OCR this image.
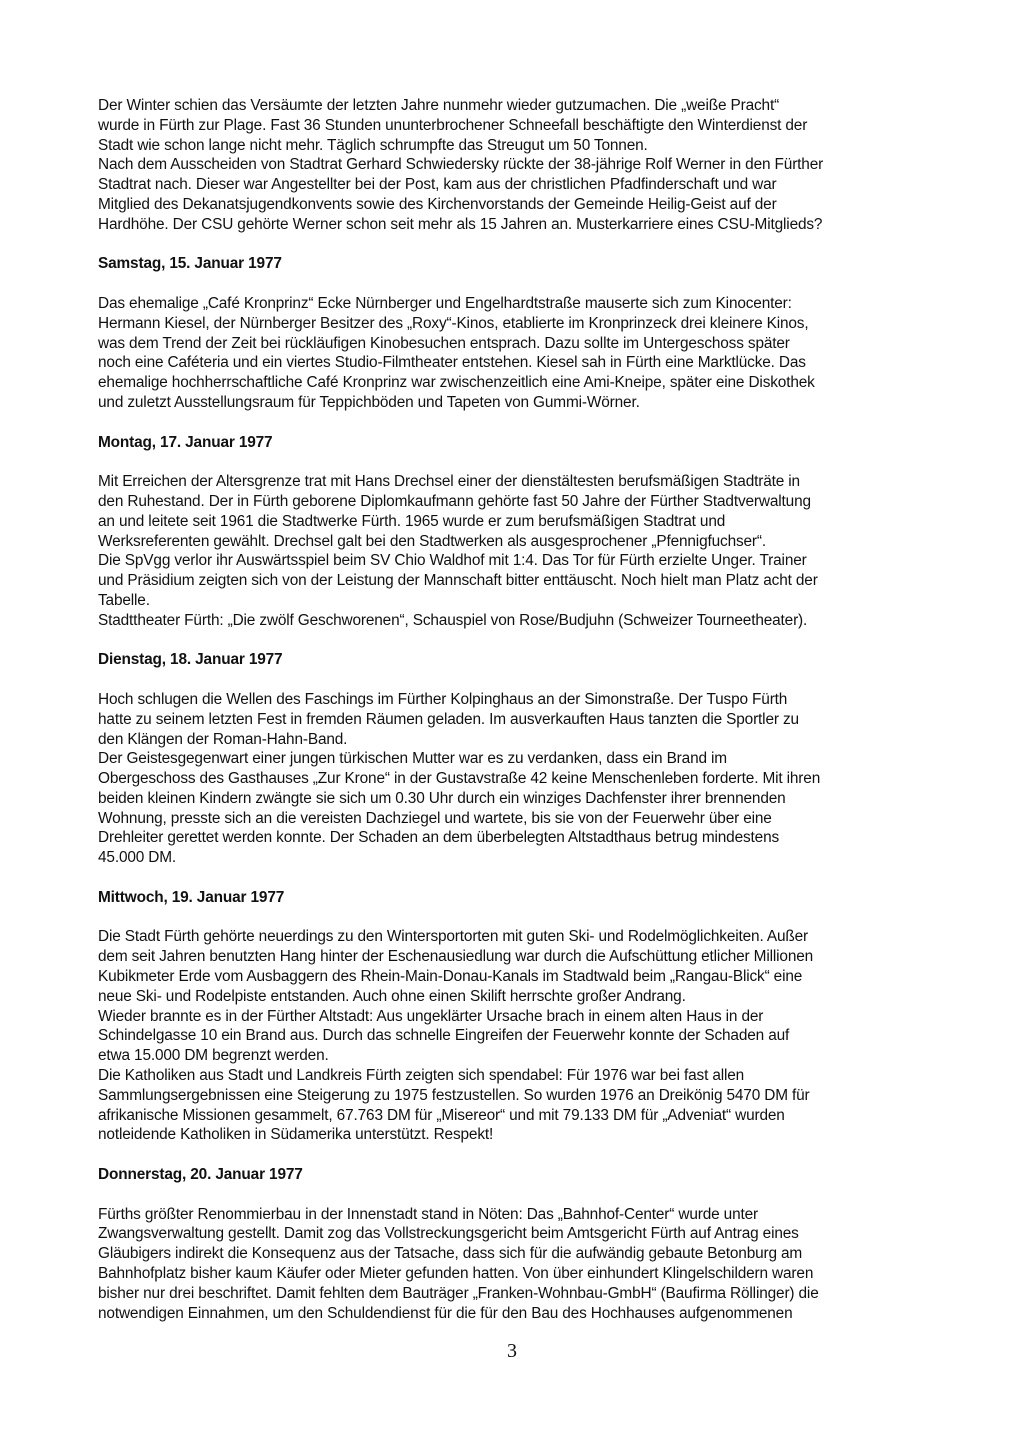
Der Winter schien das Versäumte der letzten Jahre nunmehr wieder gutzumachen. Die „weiße Pracht“
wurde in Fürth zur Plage. Fast 36 Stunden ununterbrochener Schneefall beschäftigte den Winterdienst der
Stadt wie schon lange nicht mehr. Täglich schrumpfte das Streugut um 50 Tonnen.
Nach dem Ausscheiden von Stadtrat Gerhard Schwiedersky rückte der 38-jährige Rolf Werner in den Fürther
Stadtrat nach. Dieser war Angestellter bei der Post, kam aus der christlichen Pfadfinderschaft und war
Mitglied des Dekanatsjugendkonvents sowie des Kirchenvorstands der Gemeinde Heilig-Geist auf der
Hardhöhe. Der CSU gehörte Werner schon seit mehr als 15 Jahren an. Musterkarriere eines CSU-Mitglieds?
Samstag, 15. Januar 1977
Das ehemalige „Café Kronprinz“ Ecke Nürnberger und Engelhardtstraße mauserte sich zum Kinocenter:
Hermann Kiesel, der Nürnberger Besitzer des „Roxy“-Kinos, etablierte im Kronprinzeck drei kleinere Kinos,
was dem Trend der Zeit bei rückläufigen Kinobesuchen entsprach. Dazu sollte im Untergeschoss später
noch eine Caféteria und ein viertes Studio-Filmtheater entstehen. Kiesel sah in Fürth eine Marktlücke. Das
ehemalige hochherrschaftliche Café Kronprinz war zwischenzeitlich eine Ami-Kneipe, später eine Diskothek
und zuletzt Ausstellungsraum für Teppichböden und Tapeten von Gummi-Wörner.
Montag, 17. Januar 1977
Mit Erreichen der Altersgrenze trat mit Hans Drechsel einer der dienstältesten berufsmäßigen Stadträte in
den Ruhestand. Der in Fürth geborene Diplomkaufmann gehörte fast 50 Jahre der Fürther Stadtverwaltung
an und leitete seit 1961 die Stadtwerke Fürth. 1965 wurde er zum berufsmäßigen Stadtrat und
Werksreferenten gewählt. Drechsel galt bei den Stadtwerken als ausgesprochener „Pfennigfuchser“.
Die SpVgg verlor ihr Auswärtsspiel beim SV Chio Waldhof mit 1:4. Das Tor für Fürth erzielte Unger. Trainer
und Präsidium zeigten sich von der Leistung der Mannschaft bitter enttäuscht. Noch hielt man Platz acht der
Tabelle.
Stadttheater Fürth: „Die zwölf Geschworenen“, Schauspiel von Rose/Budjuhn (Schweizer Tourneetheater).
Dienstag, 18. Januar 1977
Hoch schlugen die Wellen des Faschings im Fürther Kolpinghaus an der Simonstraße. Der Tuspo Fürth
hatte zu seinem letzten Fest in fremden Räumen geladen. Im ausverkauften Haus tanzten die Sportler zu
den Klängen der Roman-Hahn-Band.
Der Geistesgegenwart einer jungen türkischen Mutter war es zu verdanken, dass ein Brand im
Obergeschoss des Gasthauses „Zur Krone“ in der Gustavstraße 42 keine Menschenleben forderte. Mit ihren
beiden kleinen Kindern zwängte sie sich um 0.30 Uhr durch ein winziges Dachfenster ihrer brennenden
Wohnung, presste sich an die vereisten Dachziegel und wartete, bis sie von der Feuerwehr über eine
Drehleiter gerettet werden konnte. Der Schaden an dem überbelegten Altstadthaus betrug mindestens
45.000 DM.
Mittwoch, 19. Januar 1977
Die Stadt Fürth gehörte neuerdings zu den Wintersportorten mit guten Ski- und Rodelmöglichkeiten. Außer
dem seit Jahren benutzten Hang hinter der Eschenausiedlung war durch die Aufschüttung etlicher Millionen
Kubikmeter Erde vom Ausbaggern des Rhein-Main-Donau-Kanals im Stadtwald beim „Rangau-Blick“ eine
neue Ski- und Rodelpiste entstanden. Auch ohne einen Skilift herrschte großer Andrang.
Wieder brannte es in der Fürther Altstadt: Aus ungeklärter Ursache brach in einem alten Haus in der
Schindelgasse 10 ein Brand aus. Durch das schnelle Eingreifen der Feuerwehr konnte der Schaden auf
etwa 15.000 DM begrenzt werden.
Die Katholiken aus Stadt und Landkreis Fürth zeigten sich spendabel: Für 1976 war bei fast allen
Sammlungsergebnissen eine Steigerung zu 1975 festzustellen. So wurden 1976 an Dreikönig 5470 DM für
afrikanische Missionen gesammelt, 67.763 DM für „Misereor“ und mit 79.133 DM für „Adveniat“ wurden
notleidende Katholiken in Südamerika unterstützt. Respekt!
Donnerstag, 20. Januar 1977
Fürths größter Renommierbau in der Innenstadt stand in Nöten: Das „Bahnhof-Center“ wurde unter
Zwangsverwaltung gestellt. Damit zog das Vollstreckungsgericht beim Amtsgericht Fürth auf Antrag eines
Gläubigers indirekt die Konsequenz aus der Tatsache, dass sich für die aufwändig gebaute Betonburg am
Bahnhofplatz bisher kaum Käufer oder Mieter gefunden hatten. Von über einhundert Klingelschildern waren
bisher nur drei beschriftet. Damit fehlten dem Bauträger „Franken-Wohnbau-GmbH“ (Baufirma Röllinger) die
notwendigen Einnahmen, um den Schuldendienst für die für den Bau des Hochhauses aufgenommenen
3
